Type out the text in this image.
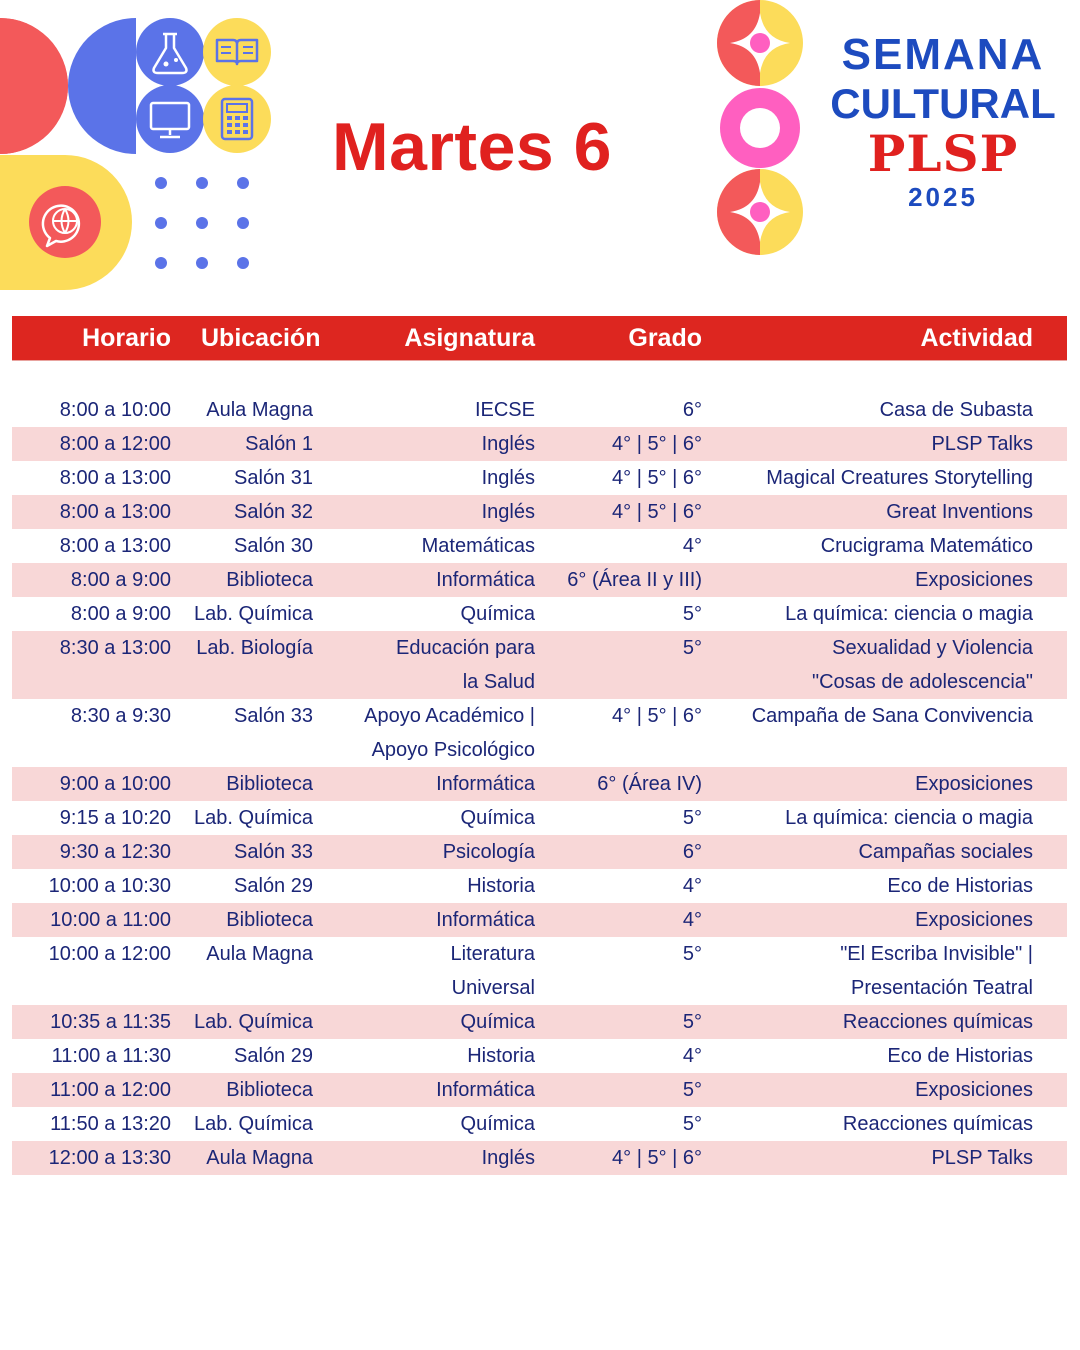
Martes 6
SEMANA
CULTURAL
PLSP
2025
Horario	Ubicación	Asignatura	Grado	Actividad
8:00 a 10:00	Aula Magna	IECSE	6°	Casa de Subasta
8:00 a 12:00	Salón 1	Inglés	4° | 5° | 6°	PLSP Talks
8:00 a 13:00	Salón 31	Inglés	4° | 5° | 6°	Magical Creatures Storytelling
8:00 a 13:00	Salón 32	Inglés	4° | 5° | 6°	Great Inventions
8:00 a 13:00	Salón 30	Matemáticas	4°	Crucigrama Matemático
8:00 a 9:00	Biblioteca	Informática	6° (Área II y III)	Exposiciones
8:00 a 9:00	Lab. Química	Química	5°	La química: ciencia o magia
8:30 a 13:00	Lab. Biología	Educación para	5°	Sexualidad y Violencia
la Salud	"Cosas de adolescencia"
8:30 a 9:30	Salón 33	Apoyo Académico |	4° | 5° | 6°	Campaña de Sana Convivencia
Apoyo Psicológico
9:00 a 10:00	Biblioteca	Informática	6° (Área IV)	Exposiciones
9:15 a 10:20	Lab. Química	Química	5°	La química: ciencia o magia
9:30 a 12:30	Salón 33	Psicología	6°	Campañas sociales
10:00 a 10:30	Salón 29	Historia	4°	Eco de Historias
10:00 a 11:00	Biblioteca	Informática	4°	Exposiciones
10:00 a 12:00	Aula Magna	Literatura	5°	"El Escriba Invisible" |
Universal	Presentación Teatral
10:35 a 11:35	Lab. Química	Química	5°	Reacciones químicas
11:00 a 11:30	Salón 29	Historia	4°	Eco de Historias
11:00 a 12:00	Biblioteca	Informática	5°	Exposiciones
11:50 a 13:20	Lab. Química	Química	5°	Reacciones químicas
12:00 a 13:30	Aula Magna	Inglés	4° | 5° | 6°	PLSP Talks
